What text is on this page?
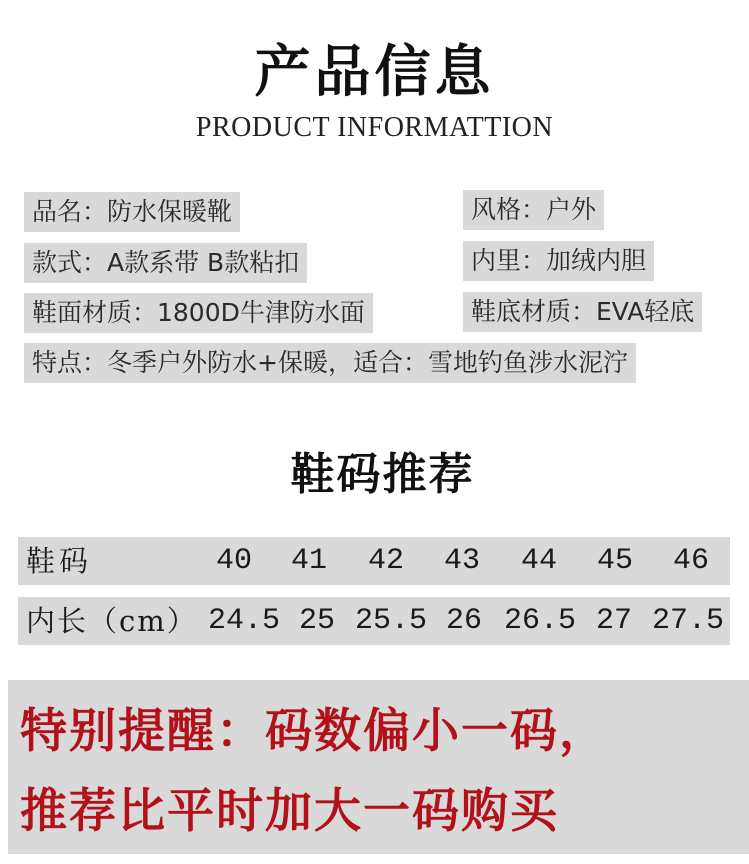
产品信息
PRODUCT INFORMATTION
品名：防水保暖靴	风格：户外
款式：A款系带 B款粘扣	内里：加绒内胆
鞋面材质：1800D牛津防水面	鞋底材质：EVA轻底
特点：冬季户外防水+保暖，适合：雪地钓鱼涉水泥泞
鞋码推荐
鞋码	40	41	42	43	44	45	46
内长（cm） 24.5 25 25.5 26 26.5 27 27.5
特别提醒：码数偏小一码，
推荐比平时加大一码购买
